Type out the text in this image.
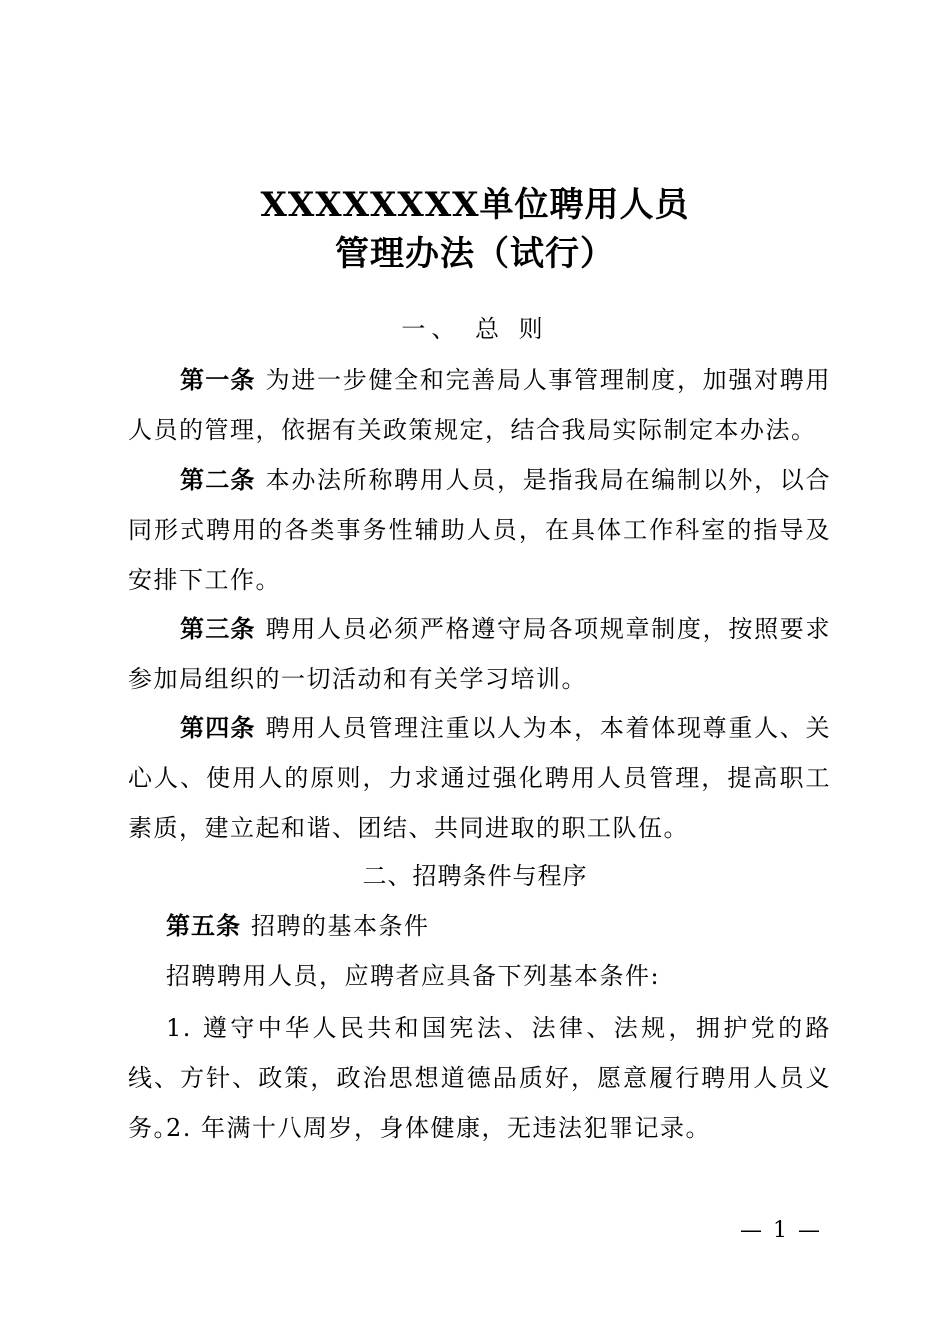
XXXXXXXX单位聘用人员
管理办法（试行）
一、 总 则
第一条 为进一步健全和完善局人事管理制度，加强对聘用人员的管理，依据有关政策规定，结合我局实际制定本办法。
第二条 本办法所称聘用人员，是指我局在编制以外，以合同形式聘用的各类事务性辅助人员，在具体工作科室的指导及安排下工作。
第三条 聘用人员必须严格遵守局各项规章制度，按照要求参加局组织的一切活动和有关学习培训。
第四条 聘用人员管理注重以人为本，本着体现尊重人、关心人、使用人的原则，力求通过强化聘用人员管理，提高职工素质，建立起和谐、团结、共同进取的职工队伍。
二、招聘条件与程序
第五条 招聘的基本条件
招聘聘用人员，应聘者应具备下列基本条件:
1. 遵守中华人民共和国宪法、法律、法规，拥护党的路线、方针、政策，政治思想道德品质好，愿意履行聘用人员义务。
2. 年满十八周岁，身体健康，无违法犯罪记录。
— 1 —
